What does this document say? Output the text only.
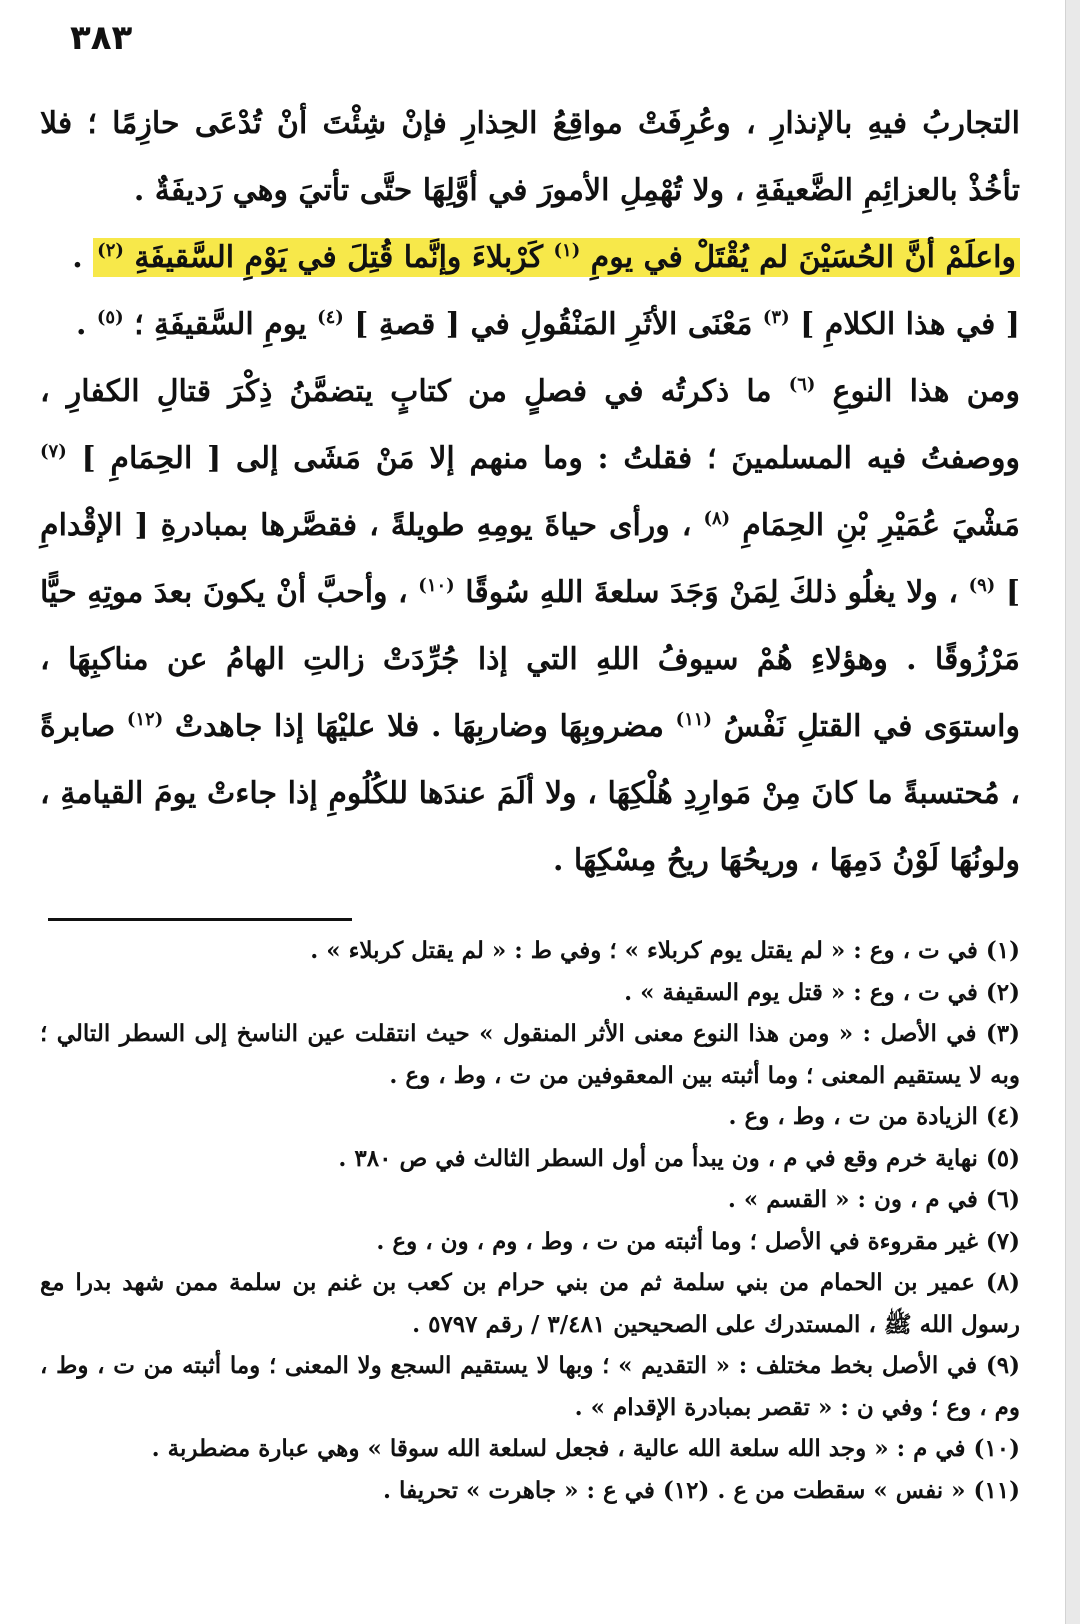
٣٨٣

التجاربُ فيهِ بالإنذارِ ، وعُرِفَتْ مواقِعُ الحِذارِ فإنْ شِئْتَ أنْ تُدْعَى حازِمًا ؛ فلا تأخُذْ بالعزائِمِ الضَّعيفَةِ ، ولا تُهْمِلِ الأمورَ في أوَّلِهَا حتَّى تأتيَ وهي رَديفَةٌ .

واعلَمْ أنَّ الحُسَيْنَ لم يُقْتَلْ في يومِ $^{(١)}$ كَرْبلاءَ وإنَّما قُتِلَ في يَوْمِ السَّقيفَةِ $^{(٢)}$ .

[ في هذا الكلامِ ] $^{(٣)}$ مَعْنَى الأثَرِ المَنْقُولِ في [ قصةِ ] $^{(٤)}$ يومِ السَّقيفَةِ ؛ $^{(٥)}$ .

ومن هذا النوعِ $^{(٦)}$ ما ذكرتُه في فصلٍ من كتابٍ يتضمَّنُ ذِكْرَ قتالِ الكفارِ ، ووصفتُ فيه المسلمينَ ؛ فقلتُ : وما منهم إلا مَنْ مَشَى إلى [ الحِمَامِ ] $^{(٧)}$ مَشْيَ عُمَيْرِ بْنِ الحِمَامِ $^{(٨)}$ ، ورأى حياةَ يومِهِ طويلةً ، فقصَّرها بمبادرةِ [ الإقْدامِ ] $^{(٩)}$ ، ولا يغلُو ذلكَ لِمَنْ وَجَدَ سلعةَ اللهِ سُوقًا $^{(١٠)}$ ، وأحبَّ أنْ يكونَ بعدَ موتِهِ حيًّا مَرْزُوقًا . وهؤلاءِ هُمْ سيوفُ اللهِ التي إذا جُرِّدَتْ زالتِ الهامُ عن مناكبِهَا ، واستوَى في القتلِ نَفْسُ $^{(١١)}$ مضروبِهَا وضاربِهَا . فلا عليْهَا إذا جاهدتْ $^{(١٢)}$ صابرةً ، مُحتسبةً ما كانَ مِنْ مَوارِدِ هُلْكِهَا ، ولا ألَمَ عندَها للكُلُومِ إذا جاءتْ يومَ القيامةِ ، ولونُهَا لَوْنُ دَمِهَا ، وريحُهَا ريحُ مِسْكِهَا .

(١) في ت ، وع : « لم يقتل يوم كربلاء » ؛ وفي ط : « لم يقتل كربلاء » .

(٢) في ت ، وع : « قتل يوم السقيفة » .

(٣) في الأصل : « ومن هذا النوع معنى الأثر المنقول » حيث انتقلت عين الناسخ إلى السطر التالي ؛ وبه لا يستقيم المعنى ؛ وما أثبته بين المعقوفين من ت ، وط ، وع .

(٤) الزيادة من ت ، وط ، وع .

(٥) نهاية خرم وقع في م ، ون يبدأ من أول السطر الثالث في ص ٣٨٠ .

(٦) في م ، ون : « القسم » .

(٧) غير مقروءة في الأصل ؛ وما أثبته من ت ، وط ، وم ، ون ، وع .

(٨) عمير بن الحمام من بني سلمة ثم من بني حرام بن كعب بن غنم بن سلمة ممن شهد بدرا مع رسول الله ﷺ ، المستدرك على الصحيحين ٣/٤٨١ / رقم ٥٧٩٧ .

(٩) في الأصل بخط مختلف : « التقديم » ؛ وبها لا يستقيم السجع ولا المعنى ؛ وما أثبته من ت ، وط ، وم ، وع ؛ وفي ن : « تقصر بمبادرة الإقدام » .

(١٠) في م : « وجد الله سلعة الله عالية ، فجعل لسلعة الله سوقا » وهي عبارة مضطربة .

(١١) « نفس » سقطت من ع . (١٢) في ع : « جاهرت » تحريفا .
